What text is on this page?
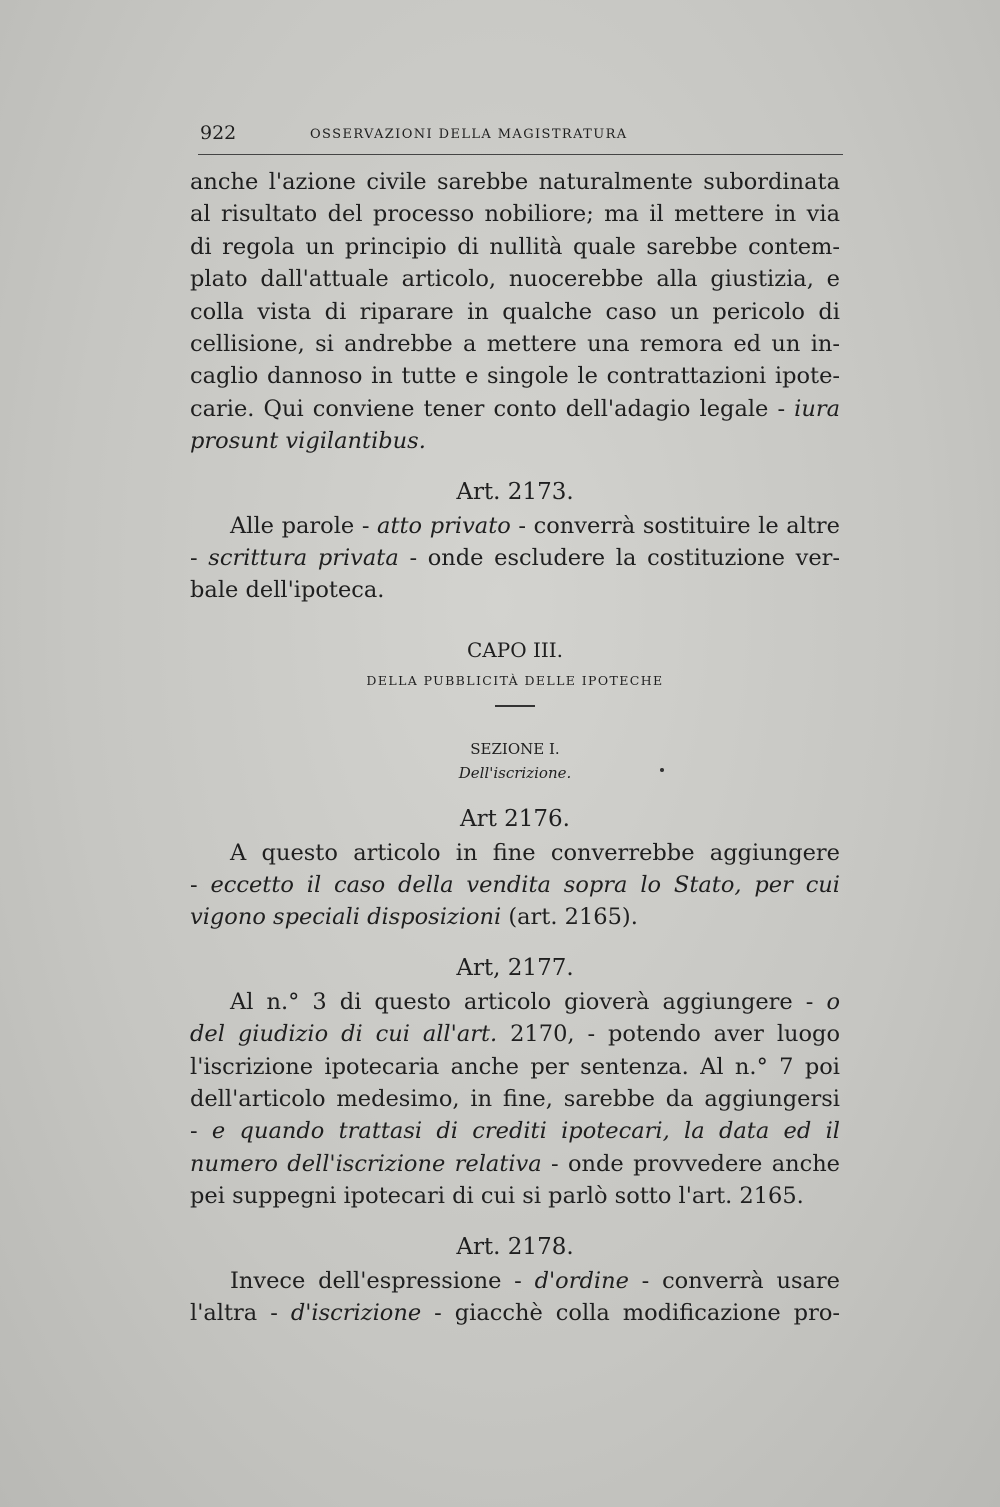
922	OSSERVAZIONI DELLA MAGISTRATURA
anche l'azione civile sarebbe naturalmente subordinata
al risultato del processo nobiliore; ma il mettere in via
di regola un principio di nullità quale sarebbe contem-
plato dall'attuale articolo, nuocerebbe alla giustizia, e
colla vista di riparare in qualche caso un pericolo di
cellisione, si andrebbe a mettere una remora ed un in-
caglio dannoso in tutte e singole le contrattazioni ipote-
carie. Qui conviene tener conto dell'adagio legale - iura
prosunt vigilantibus.
Art. 2173.
Alle parole - atto privato - converrà sostituire le altre
- scrittura privata - onde escludere la costituzione ver-
bale dell'ipoteca.
CAPO III.
DELLA PUBBLICITÀ DELLE IPOTECHE
SEZIONE I.
Dell'iscrizione.
Art 2176.
A questo articolo in fine converrebbe aggiungere
- eccetto il caso della vendita sopra lo Stato, per cui
vigono speciali disposizioni (art. 2165).
Art, 2177.
Al n.° 3 di questo articolo gioverà aggiungere - o
del giudizio di cui all'art. 2170, - potendo aver luogo
l'iscrizione ipotecaria anche per sentenza. Al n.° 7 poi
dell'articolo medesimo, in fine, sarebbe da aggiungersi
- e quando trattasi di crediti ipotecari, la data ed il
numero dell'iscrizione relativa - onde provvedere anche
pei suppegni ipotecari di cui si parlò sotto l'art. 2165.
Art. 2178.
Invece dell'espressione - d'ordine - converrà usare
l'altra - d'iscrizione - giacchè colla modificazione pro-
